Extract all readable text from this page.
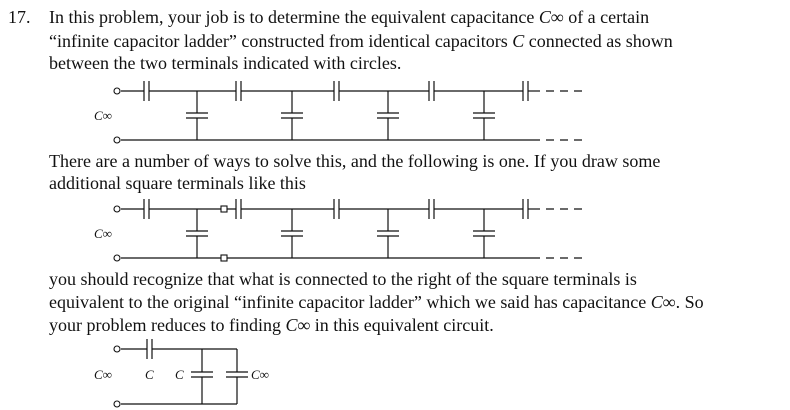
17. In this problem, your job is to determine the equivalent capacitance C∞ of a certain
“infinite capacitor ladder” constructed from identical capacitors C connected as shown
between the two terminals indicated with circles.
C∞
There are a number of ways to solve this, and the following is one. If you draw some
additional square terminals like this
C∞
you should recognize that what is connected to the right of the square terminals is
equivalent to the original “infinite capacitor ladder” which we said has capacitance C∞. So
your problem reduces to finding C∞ in this equivalent circuit.
C∞	C C	C∞
